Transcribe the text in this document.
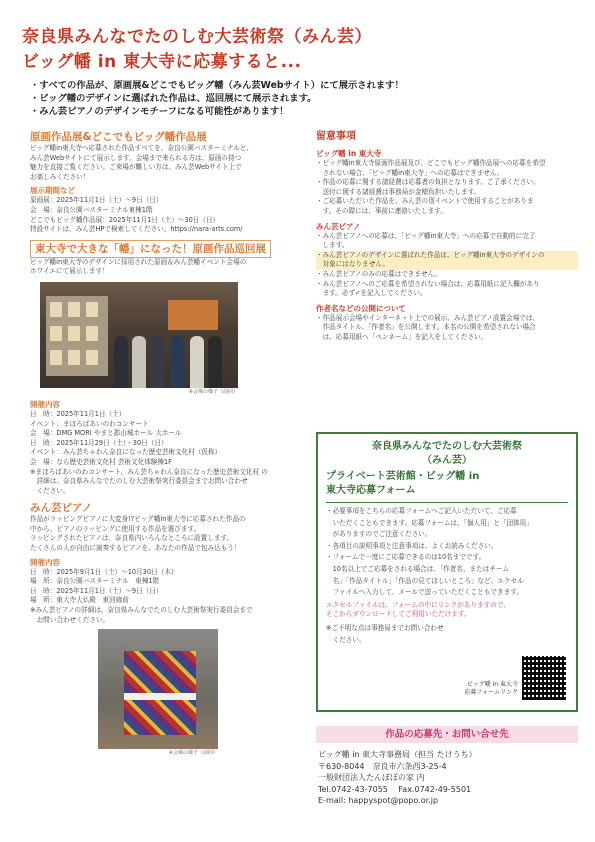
奈良県みんなでたのしむ大芸術祭（みん芸）
ビッグ幡 in 東大寺に応募すると...
・すべての作品が、原画展&どこでもビッグ幡（みん芸Webサイト）にて展示されます！
・ビッグ幡のデザインに選ばれた作品は、巡回展にて展示されます。
・みん芸ピアノのデザインモチーフになる可能性があります！
原画作品展&どこでもビッグ幡作品展
ビッグ幡in東大寺へ応募された作品すべてを、奈良公園バスターミナルと、
みん芸Webサイトにて展示します。会場まで来られる方は、原画の持つ
魅力を直接ご覧ください。ご来場が難しい方は、みん芸Webサイト上で
お楽しみください！
展示期間など
原画展：2025年11月1日（土）〜9日（日）
会　場：奈良公園バスターミナル東棟1階
どこでもビッグ幡作品展：2025年11月1日（土）〜30日（日）
特設サイトは、みん芸HPで検索してください。https://nara-arts.com/
東大寺で大きな「幡」になった！原画作品巡回展
ビッグ幡in東大寺のデザインに採用された原画＆みん芸幡イベント会場の
ホワイエにて展示します！
※会場の様子（前回）
開催内容
日　時：2025年11月1日（土）
イベント：まほろばあいのわコンサート
会　場：DMG MORI やまと郡山城ホール 大ホール
日　時：2025年11月29日（土）・30日（日）
イベント：みん芸ちゃわん奈良になった歴史芸術文化村（仮称）
会　場：なら歴史芸術文化村 芸術文化体験棟1F
※まほろばあいのわコンサート、みん芸ちゃわん奈良になった歴史芸術文化村 の
　詳細は、奈良県みんなでたのしむ大芸術祭実行委員会までお問い合わせ
　ください。
みん芸ピアノ
作品がラッピングピアノに大変身!?ビッグ幡in東大寺に応募された作品の
中から、ピアノのラッピングに使用する作品を選びます。
ラッピングされたピアノは、奈良県内いろんなところに設置します。
たくさんの人が自由に演奏するピアノを、あなたの作品で包み込もう！
開催内容
日　時：2025年9月1日（土）〜10月30日（木）
場　所：奈良公園バスターミナル　東棟1階
日　時：2025年11月1日（土）〜9日（日）
場　所：東大寺大仏殿　東回廊前
※みん芸ピアノの詳細は、奈良県みんなでたのしむ大芸術祭実行委員会まで
　お問い合わせください。
※会場の様子（前回）
留意事項
ビッグ幡 in 東大寺
・ビッグ幡in東大寺原画作品展及び、どこでもビッグ幡作品展への応募を希望
　されない場合、「ビッグ幡in東大寺」への応募はできません。
・作品の応募に関する諸経費は応募者の負担となります。ご了承ください。
　送付に関する諸経費は事務局が金額負担いたします。
・ご応募いただいた作品を、みん芸の別イベントで使用することがありま
　す。その際には、事前に連絡いたします。
みん芸ピアノ
・みん芸ピアノへの応募は、「ビッグ幡in東大寺」への応募で自動的に完了
　します。
・みん芸ピアノのデザインに選ばれた作品は、ビッグ幡in東大寺のデザインの
　対象にはなりません。
・みん芸ピアノのみの応募はできません。
・みん芸ピアノへのご応募を希望されない場合は、応募用紙に記入欄があり
　ます。必ず✓を記入してください。
作者名などの公開について
・作品展示会場やインターネット上での展示、みん芸ピアノ設置会場では、
　作品タイトル、「作者名」を公開します。本名の公開を希望されない場合
　は、応募用紙へ「ペンネーム」を記入をしてください。
奈良県みんなでたのしむ大芸術祭
（みん芸）
プライベート芸術館・ビッグ幡 in
東大寺応募フォーム
・必要事項をこちらの応募フォームへご記入いただいて、ご応募
　いただくこともできます。応募フォームは、「個人用」と「団体用」
　がありますのでご注意ください。
・各項目の説明事項と注意事項は、よくお読みください。
・フォームで一度にご応募できるのは10名までです。
　10名以上でご応募をされる場合は、「作者名、またはチーム
　名」「作品タイトル」「作品の見てほしいところ」など、エクセル
　ファイルへ入力して、メールで送っていただくこともできます。
エクセルファイルは、フォームの中にリンクがありますので、
そこからダウンロードしてご利用いただけます。
※ご不明な点は事務局までお問い合わせ
　ください。
ビッグ幡 in 東大寺
応募フォームリンク
作品の応募先・お問い合せ先
ビッグ幡 in 東大寺事務局（担当 たけうち）
〒630-8044　奈良市六条西3-25-4
一般財団法人たんぽぽの家 内
Tel.0742-43-7055　 Fax.0742-49-5501
E-mail: happyspot@popo.or.jp
